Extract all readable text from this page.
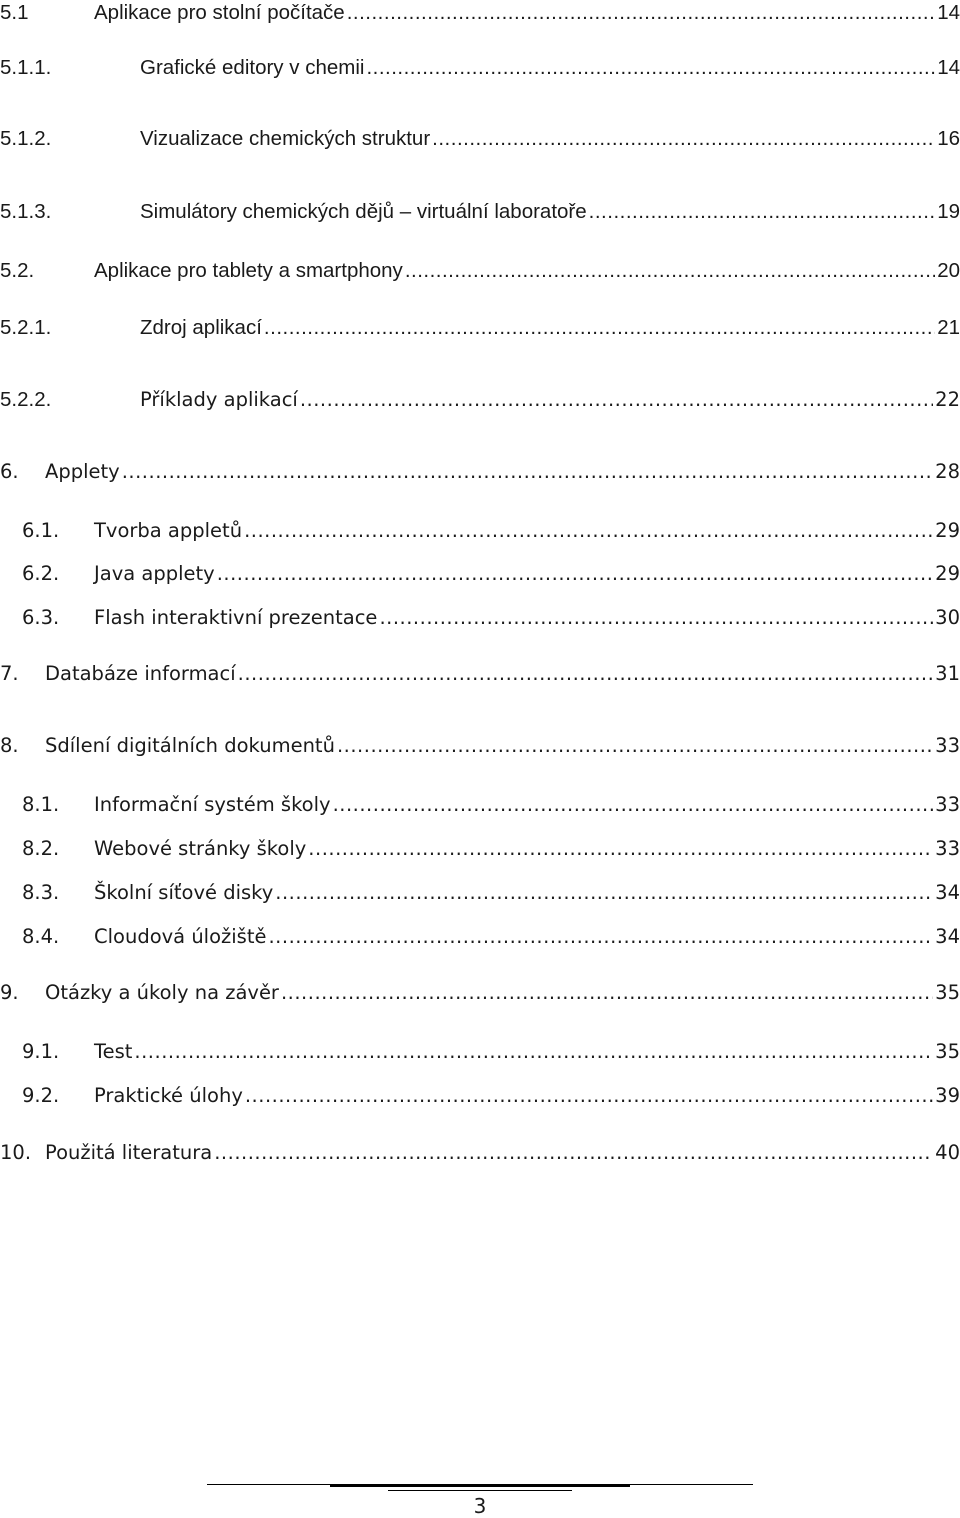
5.1	Aplikace pro stolní počítače .....	14
5.1.1.	Grafické editory v chemii .....	14
5.1.2.	Vizualizace chemických struktur .....	16
5.1.3.	Simulátory chemických dějů – virtuální laboratoře .....	19
5.2.	Aplikace pro tablety a smartphony .....	20
5.2.1.	Zdroj aplikací .....	21
5.2.2.	Příklady aplikací .....	22
6.	Applety .....	28
6.1.	Tvorba appletů .....	29
6.2.	Java applety .....	29
6.3.	Flash interaktivní prezentace .....	30
7.	Databáze informací .....	31
8.	Sdílení digitálních dokumentů .....	33
8.1.	Informační systém školy .....	33
8.2.	Webové stránky školy .....	33
8.3.	Školní síťové disky .....	34
8.4.	Cloudová úložiště .....	34
9.	Otázky a úkoly na závěr .....	35
9.1.	Test .....	35
9.2.	Praktické úlohy .....	39
10. Použitá literatura .....	40
3
